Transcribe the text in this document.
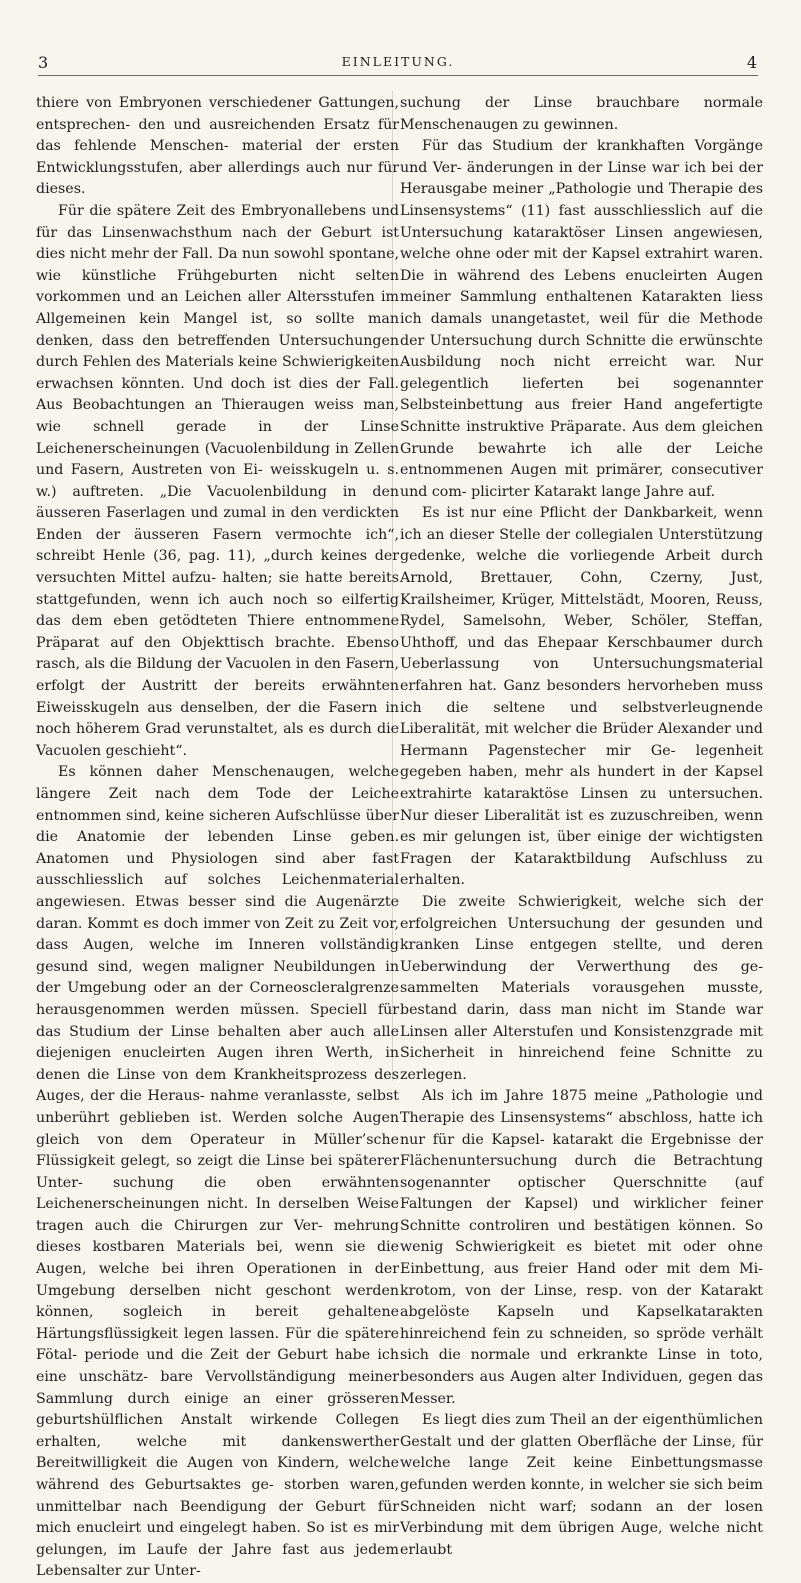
3	EINLEITUNG.	4

thiere von Embryonen verschiedener Gattungen, entsprechen- den und ausreichenden Ersatz für das fehlende Menschen- material der ersten Entwicklungsstufen, aber allerdings auch nur für dieses.

Für die spätere Zeit des Embryonallebens und für das Linsenwachsthum nach der Geburt ist dies nicht mehr der Fall. Da nun sowohl spontane, wie künstliche Frühgeburten nicht selten vorkommen und an Leichen aller Altersstufen im Allgemeinen kein Mangel ist, so sollte man denken, dass den betreffenden Untersuchungen durch Fehlen des Materials keine Schwierigkeiten erwachsen könnten. Und doch ist dies der Fall. Aus Beobachtungen an Thieraugen weiss man, wie schnell gerade in der Linse Leichenerscheinungen (Vacuolenbildung in Zellen und Fasern, Austreten von Ei- weisskugeln u. s. w.) auftreten. „Die Vacuolenbildung in den äusseren Faserlagen und zumal in den verdickten Enden der äusseren Fasern vermochte ich“, schreibt Henle (36, pag. 11), „durch keines der versuchten Mittel aufzu- halten; sie hatte bereits stattgefunden, wenn ich auch noch so eilfertig das dem eben getödteten Thiere entnommene Präparat auf den Objekttisch brachte. Ebenso rasch, als die Bildung der Vacuolen in den Fasern, erfolgt der Austritt der bereits erwähnten Eiweisskugeln aus denselben, der die Fasern in noch höherem Grad verunstaltet, als es durch die Vacuolen geschieht“.

Es können daher Menschenaugen, welche längere Zeit nach dem Tode der Leiche entnommen sind, keine sicheren Aufschlüsse über die Anatomie der lebenden Linse geben. Anatomen und Physiologen sind aber fast ausschliesslich auf solches Leichenmaterial angewiesen. Etwas besser sind die Augenärzte daran. Kommt es doch immer von Zeit zu Zeit vor, dass Augen, welche im Inneren vollständig gesund sind, wegen maligner Neubildungen in der Umgebung oder an der Corneoscleralgrenze herausgenommen werden müssen. Speciell für das Studium der Linse behalten aber auch alle diejenigen enucleirten Augen ihren Werth, in denen die Linse von dem Krankheitsprozess des Auges, der die Heraus- nahme veranlasste, selbst unberührt geblieben ist. Werden solche Augen gleich von dem Operateur in Müller’sche Flüssigkeit gelegt, so zeigt die Linse bei späterer Unter- suchung die oben erwähnten Leichenerscheinungen nicht. In derselben Weise tragen auch die Chirurgen zur Ver- mehrung dieses kostbaren Materials bei, wenn sie die Augen, welche bei ihren Operationen in der Umgebung derselben nicht geschont werden können, sogleich in bereit gehaltene Härtungsflüssigkeit legen lassen. Für die spätere Fötal- periode und die Zeit der Geburt habe ich eine unschätz- bare Vervollständigung meiner Sammlung durch einige an einer grösseren geburtshülflichen Anstalt wirkende Collegen erhalten, welche mit dankenswerther Bereitwilligkeit die Augen von Kindern, welche während des Geburtsaktes ge- storben waren, unmittelbar nach Beendigung der Geburt für mich enucleirt und eingelegt haben. So ist es mir gelungen, im Laufe der Jahre fast aus jedem Lebensalter zur Unter-

suchung der Linse brauchbare normale Menschenaugen zu gewinnen.

Für das Studium der krankhaften Vorgänge und Ver- änderungen in der Linse war ich bei der Herausgabe meiner „Pathologie und Therapie des Linsensystems“ (11) fast ausschliesslich auf die Untersuchung kataraktöser Linsen angewiesen, welche ohne oder mit der Kapsel extrahirt waren. Die in während des Lebens enucleirten Augen meiner Sammlung enthaltenen Katarakten liess ich damals unangetastet, weil für die Methode der Untersuchung durch Schnitte die erwünschte Ausbildung noch nicht erreicht war. Nur gelegentlich lieferten bei sogenannter Selbsteinbettung aus freier Hand angefertigte Schnitte instruktive Präparate. Aus dem gleichen Grunde bewahrte ich alle der Leiche entnommenen Augen mit primärer, consecutiver und com- plicirter Katarakt lange Jahre auf.

Es ist nur eine Pflicht der Dankbarkeit, wenn ich an dieser Stelle der collegialen Unterstützung gedenke, welche die vorliegende Arbeit durch Arnold, Brettauer, Cohn, Czerny, Just, Krailsheimer, Krüger, Mittelstädt, Mooren, Reuss, Rydel, Samelsohn, Weber, Schöler, Steffan, Uhthoff, und das Ehepaar Kerschbaumer durch Ueberlassung von Untersuchungsmaterial erfahren hat. Ganz besonders hervorheben muss ich die seltene und selbstverleugnende Liberalität, mit welcher die Brüder Alexander und Hermann Pagenstecher mir Ge- legenheit gegeben haben, mehr als hundert in der Kapsel extrahirte kataraktöse Linsen zu untersuchen. Nur dieser Liberalität ist es zuzuschreiben, wenn es mir gelungen ist, über einige der wichtigsten Fragen der Kataraktbildung Aufschluss zu erhalten.

Die zweite Schwierigkeit, welche sich der erfolgreichen Untersuchung der gesunden und kranken Linse entgegen stellte, und deren Ueberwindung der Verwerthung des ge- sammelten Materials vorausgehen musste, bestand darin, dass man nicht im Stande war Linsen aller Alterstufen und Konsistenzgrade mit Sicherheit in hinreichend feine Schnitte zu zerlegen.

Als ich im Jahre 1875 meine „Pathologie und Therapie des Linsensystems“ abschloss, hatte ich nur für die Kapsel- katarakt die Ergebnisse der Flächenuntersuchung durch die Betrachtung sogenannter optischer Querschnitte (auf Faltungen der Kapsel) und wirklicher feiner Schnitte controliren und bestätigen können. So wenig Schwierigkeit es bietet mit oder ohne Einbettung, aus freier Hand oder mit dem Mi- krotom, von der Linse, resp. von der Katarakt abgelöste Kapseln und Kapselkatarakten hinreichend fein zu schneiden, so spröde verhält sich die normale und erkrankte Linse in toto, besonders aus Augen alter Individuen, gegen das Messer.

Es liegt dies zum Theil an der eigenthümlichen Gestalt und der glatten Oberfläche der Linse, für welche lange Zeit keine Einbettungsmasse gefunden werden konnte, in welcher sie sich beim Schneiden nicht warf; sodann an der losen Verbindung mit dem übrigen Auge, welche nicht erlaubt
